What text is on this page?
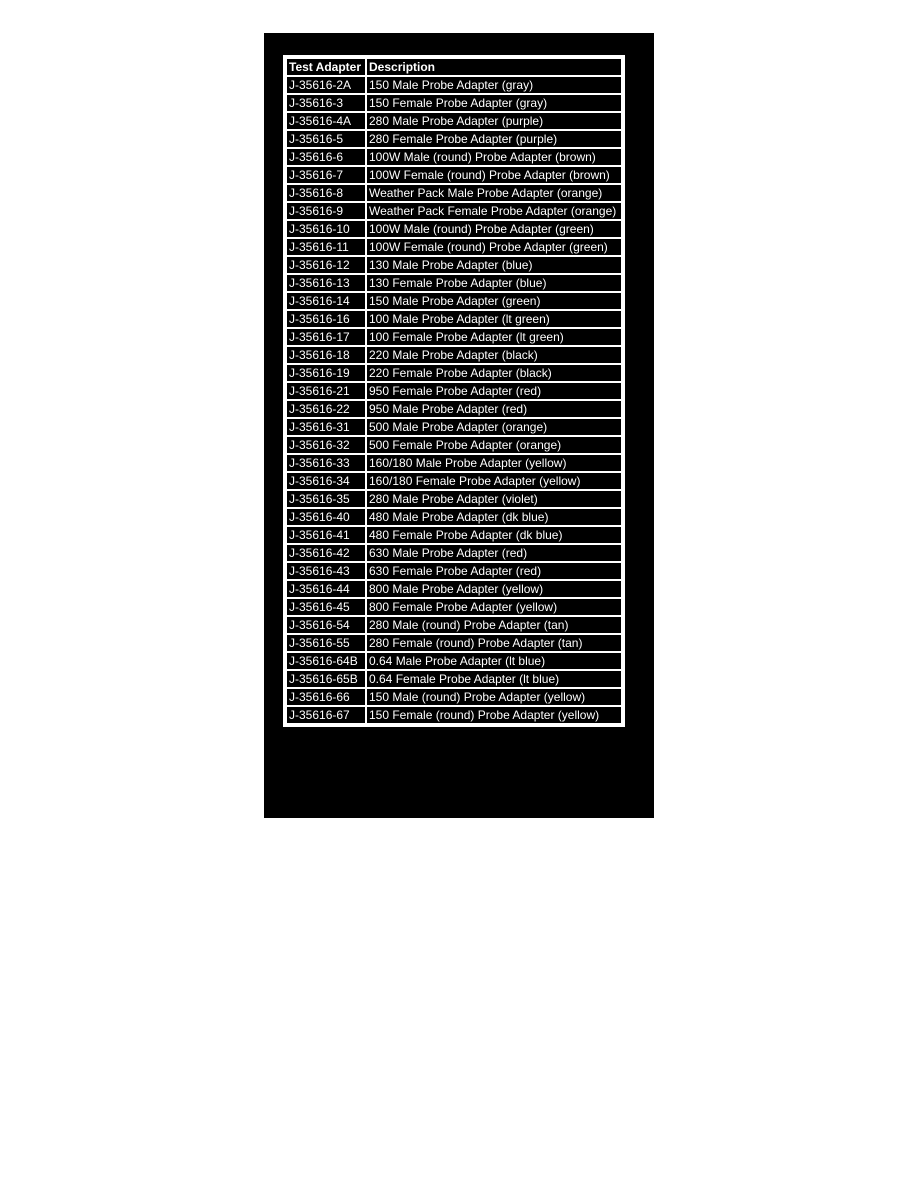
Test Adapter	Description
J-35616-2A	150 Male Probe Adapter (gray)
J-35616-3	150 Female Probe Adapter (gray)
J-35616-4A	280 Male Probe Adapter (purple)
J-35616-5	280 Female Probe Adapter (purple)
J-35616-6	100W Male (round) Probe Adapter (brown)
J-35616-7	100W Female (round) Probe Adapter (brown)
J-35616-8	Weather Pack Male Probe Adapter (orange)
J-35616-9	Weather Pack Female Probe Adapter (orange)
J-35616-10	100W Male (round) Probe Adapter (green)
J-35616-11	100W Female (round) Probe Adapter (green)
J-35616-12	130 Male Probe Adapter (blue)
J-35616-13	130 Female Probe Adapter (blue)
J-35616-14	150 Male Probe Adapter (green)
J-35616-16	100 Male Probe Adapter (lt green)
J-35616-17	100 Female Probe Adapter (lt green)
J-35616-18	220 Male Probe Adapter (black)
J-35616-19	220 Female Probe Adapter (black)
J-35616-21	950 Female Probe Adapter (red)
J-35616-22	950 Male Probe Adapter (red)
J-35616-31	500 Male Probe Adapter (orange)
J-35616-32	500 Female Probe Adapter (orange)
J-35616-33	160/180 Male Probe Adapter (yellow)
J-35616-34	160/180 Female Probe Adapter (yellow)
J-35616-35	280 Male Probe Adapter (violet)
J-35616-40	480 Male Probe Adapter (dk blue)
J-35616-41	480 Female Probe Adapter (dk blue)
J-35616-42	630 Male Probe Adapter (red)
J-35616-43	630 Female Probe Adapter (red)
J-35616-44	800 Male Probe Adapter (yellow)
J-35616-45	800 Female Probe Adapter (yellow)
J-35616-54	280 Male (round) Probe Adapter (tan)
J-35616-55	280 Female (round) Probe Adapter (tan)
J-35616-64B	0.64 Male Probe Adapter (lt blue)
J-35616-65B	0.64 Female Probe Adapter (lt blue)
J-35616-66	150 Male (round) Probe Adapter (yellow)
J-35616-67	150 Female (round) Probe Adapter (yellow)
